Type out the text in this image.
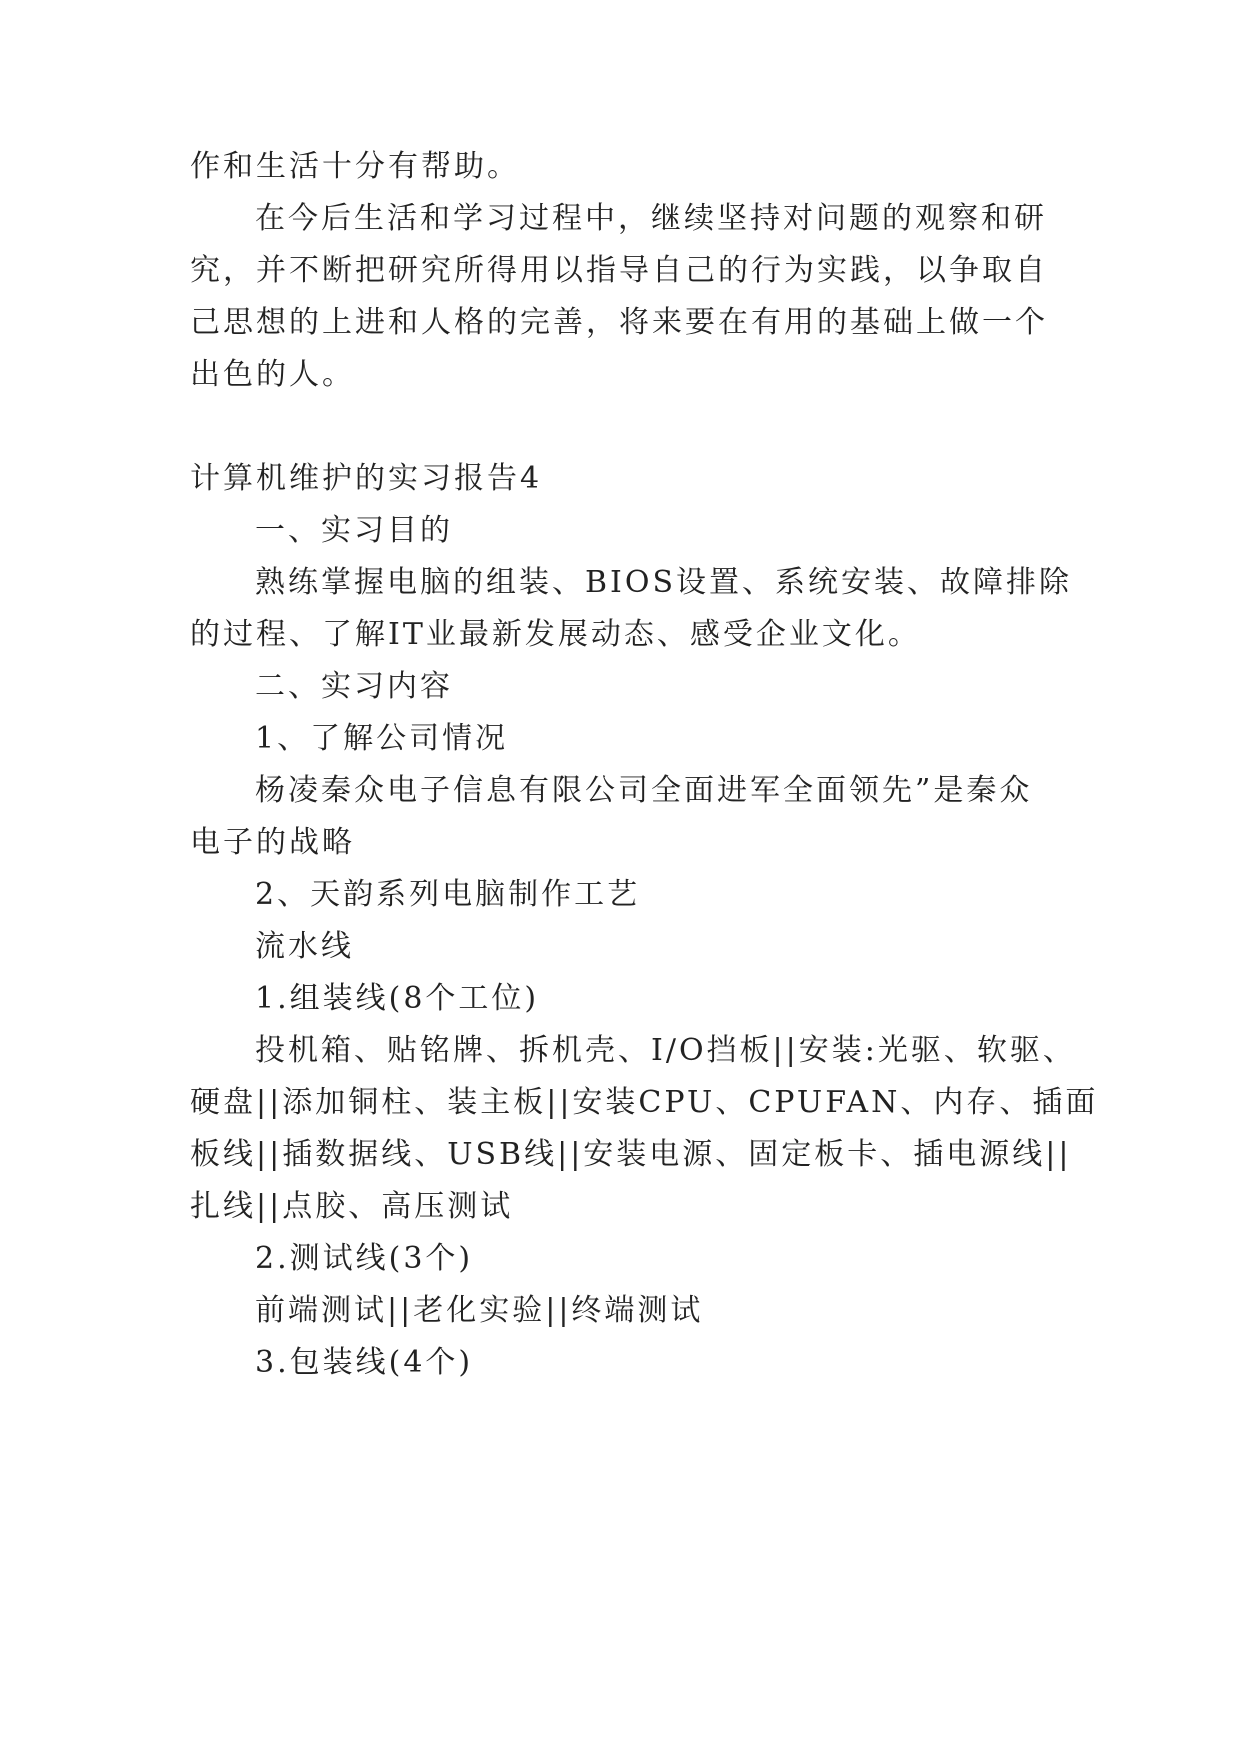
作和生活十分有帮助。
在今后生活和学习过程中，继续坚持对问题的观察和研
究，并不断把研究所得用以指导自己的行为实践，以争取自
己思想的上进和人格的完善，将来要在有用的基础上做一个
出色的人。
计算机维护的实习报告4
一、实习目的
熟练掌握电脑的组装、BIOS设置、系统安装、故障排除
的过程、了解IT业最新发展动态、感受企业文化。
二、实习内容
1、了解公司情况
杨凌秦众电子信息有限公司全面进军全面领先”是秦众
电子的战略
2、天韵系列电脑制作工艺
流水线
1.组装线(8个工位)
投机箱、贴铭牌、拆机壳、I/O挡板||安装:光驱、软驱、
硬盘||添加铜柱、装主板||安装CPU、CPUFAN、内存、插面
板线||插数据线、USB线||安装电源、固定板卡、插电源线||
扎线||点胶、高压测试
2.测试线(3个)
前端测试||老化实验||终端测试
3.包装线(4个)
